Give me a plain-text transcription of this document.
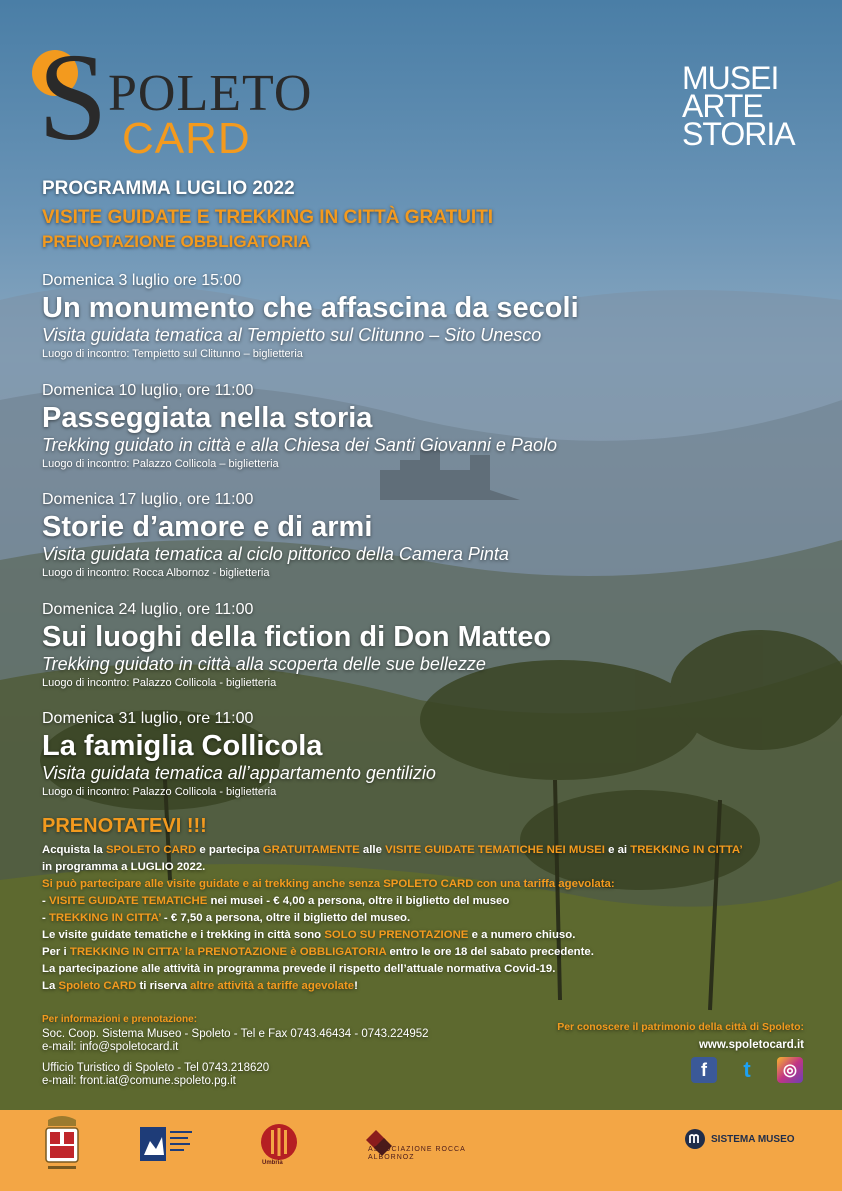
S POLETO
CARD
MUSEI
ARTE
STORIA
PROGRAMMA LUGLIO 2022
VISITE GUIDATE E TREKKING IN CITTÀ GRATUITI
PRENOTAZIONE OBBLIGATORIA
Domenica 3 luglio ore 15:00
Un monumento che affascina da secoli
Visita guidata tematica al Tempietto sul Clitunno – Sito Unesco
Luogo di incontro: Tempietto sul Clitunno – biglietteria
Domenica 10 luglio, ore 11:00
Passeggiata nella storia
Trekking guidato in città e alla Chiesa dei Santi Giovanni e Paolo
Luogo di incontro: Palazzo Collicola – biglietteria
Domenica 17 luglio, ore 11:00
Storie d’amore e di armi
Visita guidata tematica al ciclo pittorico della Camera Pinta
Luogo di incontro: Rocca Albornoz - biglietteria
Domenica 24 luglio, ore 11:00
Sui luoghi della fiction di Don Matteo
Trekking guidato in città alla scoperta delle sue bellezze
Luogo di incontro: Palazzo Collicola - biglietteria
Domenica 31 luglio, ore 11:00
La famiglia Collicola
Visita guidata tematica all’appartamento gentilizio
Luogo di incontro: Palazzo Collicola - biglietteria
PRENOTATEVI !!!
Acquista la SPOLETO CARD e partecipa GRATUITAMENTE alle VISITE GUIDATE TEMATICHE NEI MUSEI e ai TREKKING IN CITTA’
in programma a LUGLIO 2022.
Si può partecipare alle visite guidate e ai trekking anche senza SPOLETO CARD con una tariffa agevolata:
- VISITE GUIDATE TEMATICHE nei musei - € 4,00 a persona, oltre il biglietto del museo
- TREKKING IN CITTA’ - € 7,50 a persona, oltre il biglietto del museo.
Le visite guidate tematiche e i trekking in città sono SOLO SU PRENOTAZIONE e a numero chiuso.
Per i TREKKING IN CITTA’ la PRENOTAZIONE è OBBLIGATORIA entro le ore 18 del sabato precedente.
La partecipazione alle attività in programma prevede il rispetto dell’attuale normativa Covid-19.
La Spoleto CARD ti riserva altre attività a tariffe agevolate!
Per informazioni e prenotazione:
Soc. Coop. Sistema Museo - Spoleto - Tel e Fax 0743.46434 - 0743.224952
e-mail: info@spoletocard.it
Ufficio Turistico di Spoleto - Tel 0743.218620
e-mail: front.iat@comune.spoleto.pg.it
Per conoscere il patrimonio della città di Spoleto:
www.spoletocard.it
f	t	◎
Umbria
ASSOCIAZIONE ROCCA ALBORNOZ
SISTEMA MUSEO
